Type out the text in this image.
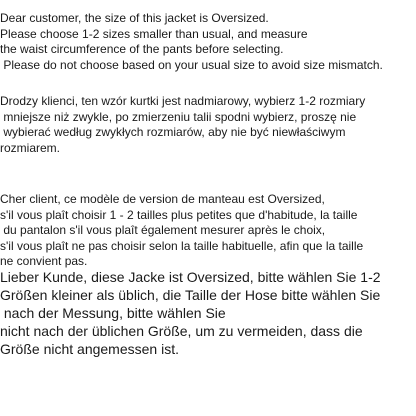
Dear customer, the size of this jacket is Oversized.
Please choose 1-2 sizes smaller than usual, and measure
the waist circumference of the pants before selecting.
Please do not choose based on your usual size to avoid size mismatch.
Drodzy klienci, ten wzór kurtki jest nadmiarowy, wybierz 1-2 rozmiary
mniejsze niż zwykle, po zmierzeniu talii spodni wybierz, proszę nie
wybierać według zwykłych rozmiarów, aby nie być niewłaściwym
rozmiarem.
Cher client, ce modèle de version de manteau est Oversized,
s'il vous plaît choisir 1 - 2 tailles plus petites que d'habitude, la taille
du pantalon s'il vous plaît également mesurer après le choix,
s'il vous plaît ne pas choisir selon la taille habituelle, afin que la taille
ne convient pas.
Lieber Kunde, diese Jacke ist Oversized, bitte wählen Sie 1-2
Größen kleiner als üblich, die Taille der Hose bitte wählen Sie
nach der Messung, bitte wählen Sie
nicht nach der üblichen Größe, um zu vermeiden, dass die
Größe nicht angemessen ist.
